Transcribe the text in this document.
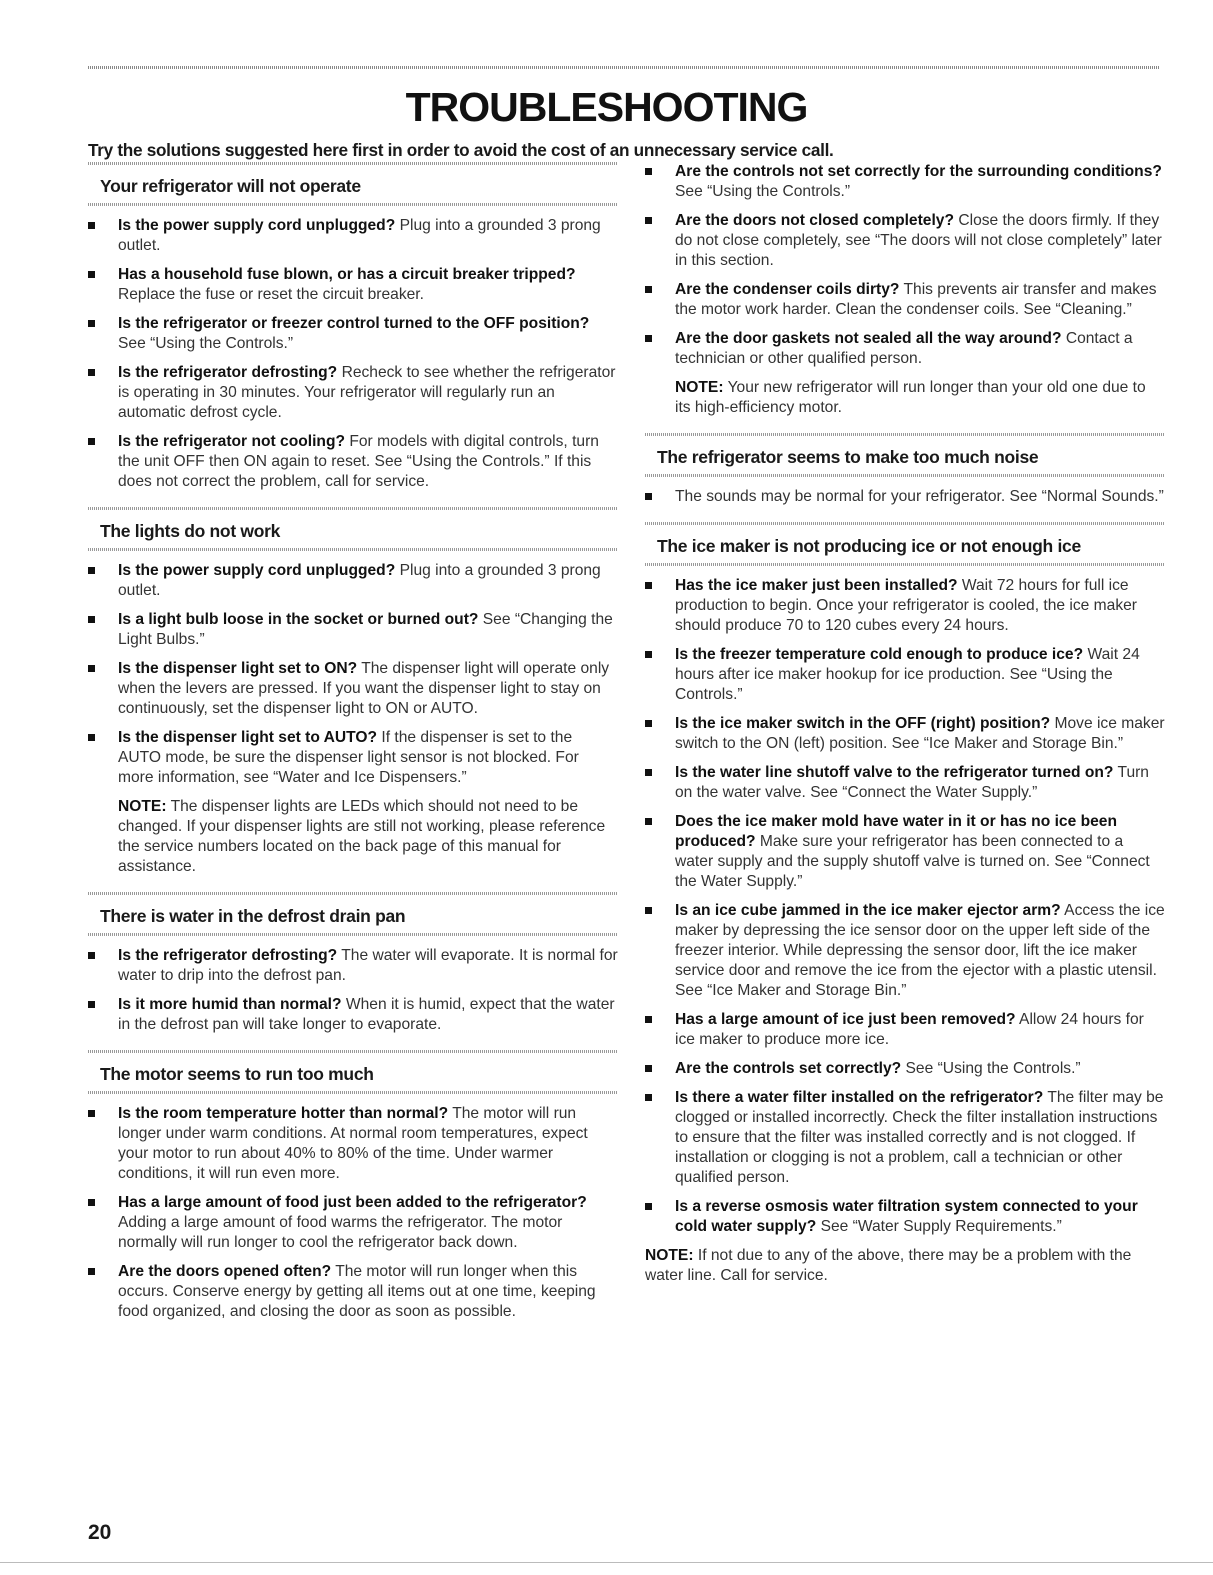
TROUBLESHOOTING

Try the solutions suggested here first in order to avoid the cost of an unnecessary service call.

Your refrigerator will not operate
Is the power supply cord unplugged? Plug into a grounded 3 prong outlet.
Has a household fuse blown, or has a circuit breaker tripped? Replace the fuse or reset the circuit breaker.
Is the refrigerator or freezer control turned to the OFF position? See “Using the Controls.”
Is the refrigerator defrosting? Recheck to see whether the refrigerator is operating in 30 minutes. Your refrigerator will regularly run an automatic defrost cycle.
Is the refrigerator not cooling? For models with digital controls, turn the unit OFF then ON again to reset. See “Using the Controls.” If this does not correct the problem, call for service.
The lights do not work
Is the power supply cord unplugged? Plug into a grounded 3 prong outlet.
Is a light bulb loose in the socket or burned out? See “Changing the Light Bulbs.”
Is the dispenser light set to ON? The dispenser light will operate only when the levers are pressed. If you want the dispenser light to stay on continuously, set the dispenser light to ON or AUTO.
Is the dispenser light set to AUTO? If the dispenser is set to the AUTO mode, be sure the dispenser light sensor is not blocked. For more information, see “Water and Ice Dispensers.”

NOTE: The dispenser lights are LEDs which should not need to be changed. If your dispenser lights are still not working, please reference the service numbers located on the back page of this manual for assistance.

There is water in the defrost drain pan
Is the refrigerator defrosting? The water will evaporate. It is normal for water to drip into the defrost pan.
Is it more humid than normal? When it is humid, expect that the water in the defrost pan will take longer to evaporate.
The motor seems to run too much
Is the room temperature hotter than normal? The motor will run longer under warm conditions. At normal room temperatures, expect your motor to run about 40% to 80% of the time. Under warmer conditions, it will run even more.
Has a large amount of food just been added to the refrigerator? Adding a large amount of food warms the refrigerator. The motor normally will run longer to cool the refrigerator back down.
Are the doors opened often? The motor will run longer when this occurs. Conserve energy by getting all items out at one time, keeping food organized, and closing the door as soon as possible.
Are the controls not set correctly for the surrounding conditions? See “Using the Controls.”
Are the doors not closed completely? Close the doors firmly. If they do not close completely, see “The doors will not close completely” later in this section.
Are the condenser coils dirty? This prevents air transfer and makes the motor work harder. Clean the condenser coils. See “Cleaning.”
Are the door gaskets not sealed all the way around? Contact a technician or other qualified person.

NOTE: Your new refrigerator will run longer than your old one due to its high-efficiency motor.

The refrigerator seems to make too much noise
The sounds may be normal for your refrigerator. See “Normal Sounds.”
The ice maker is not producing ice or not enough ice
Has the ice maker just been installed? Wait 72 hours for full ice production to begin. Once your refrigerator is cooled, the ice maker should produce 70 to 120 cubes every 24 hours.
Is the freezer temperature cold enough to produce ice? Wait 24 hours after ice maker hookup for ice production. See “Using the Controls.”
Is the ice maker switch in the OFF (right) position? Move ice maker switch to the ON (left) position. See “Ice Maker and Storage Bin.”
Is the water line shutoff valve to the refrigerator turned on? Turn on the water valve. See “Connect the Water Supply.”
Does the ice maker mold have water in it or has no ice been produced? Make sure your refrigerator has been connected to a water supply and the supply shutoff valve is turned on. See “Connect the Water Supply.”
Is an ice cube jammed in the ice maker ejector arm? Access the ice maker by depressing the ice sensor door on the upper left side of the freezer interior. While depressing the sensor door, lift the ice maker service door and remove the ice from the ejector with a plastic utensil. See “Ice Maker and Storage Bin.”
Has a large amount of ice just been removed? Allow 24 hours for ice maker to produce more ice.
Are the controls set correctly? See “Using the Controls.”
Is there a water filter installed on the refrigerator? The filter may be clogged or installed incorrectly. Check the filter installation instructions to ensure that the filter was installed correctly and is not clogged. If installation or clogging is not a problem, call a technician or other qualified person.
Is a reverse osmosis water filtration system connected to your cold water supply? See “Water Supply Requirements.”

NOTE: If not due to any of the above, there may be a problem with the water line. Call for service.

20
